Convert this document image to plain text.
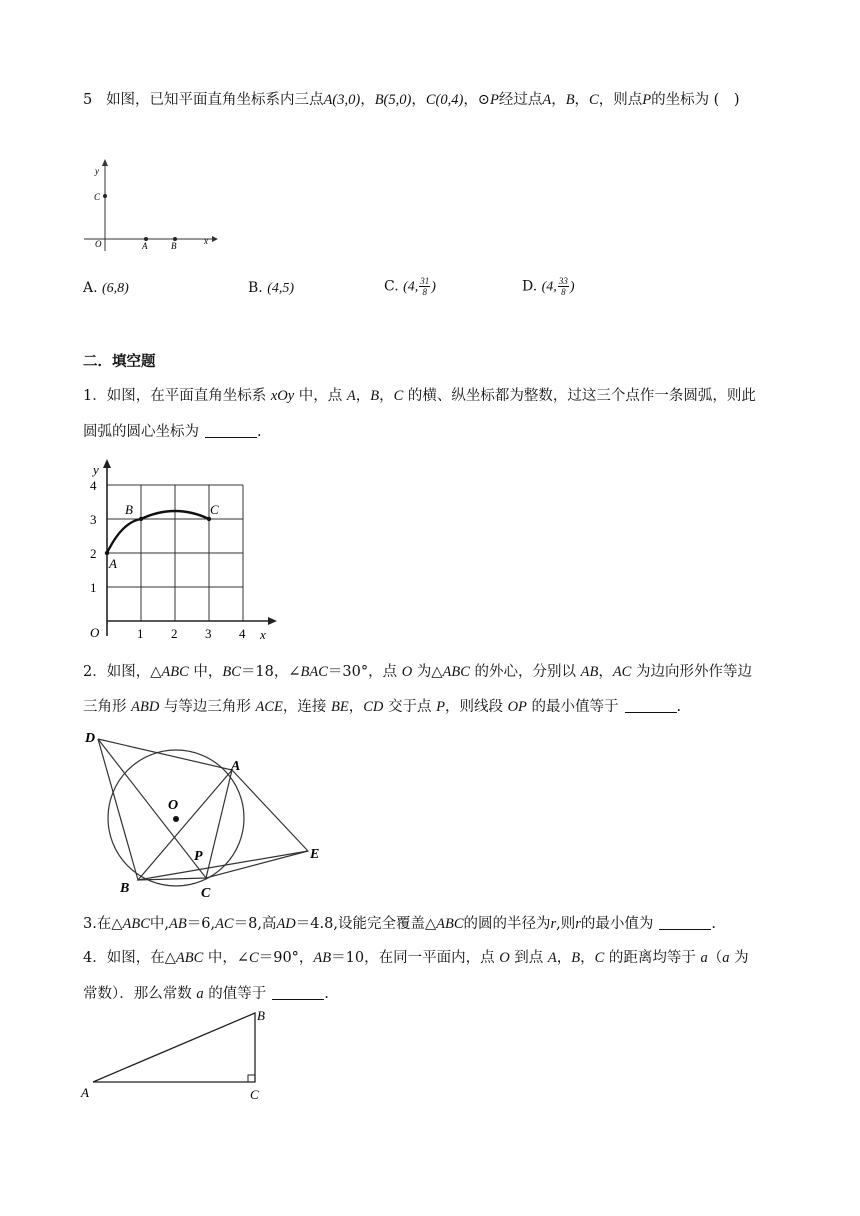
5 如图，已知平面直角坐标系内三点A(3,0)，B(5,0)，C(0,4)，⊙P经过点A，B，C，则点P的坐标为 (　)
y
C
O	A	B	x
A. (6,8)	B. (4,5)	C. (4, $\frac{31}{8}$ )	D. (4, $\frac{33}{8}$ )
二．填空题
1．如图，在平面直角坐标系 xOy 中，点 A，B，C 的横、纵坐标都为整数，过这三个点作一条圆弧，则此
圆弧的圆心坐标为	.
y
4
3
2
1
O	1 2 3 4 x
A
B	C
2．如图，△ABC 中，BC＝18，∠BAC＝30°，点 O 为△ABC 的外心，分别以 AB，AC 为边向形外作等边
三角形 ABD 与等边三角形 ACE，连接 BE，CD 交于点 P，则线段 OP 的最小值等于	.
D
A
O
P	E
B	C
3.在△ABC中,AB＝6,AC＝8,高AD＝4.8,设能完全覆盖△ABC的圆的半径为r,则r的最小值为	.
4．如图，在△ABC 中，∠C＝90°，AB＝10，在同一平面内，点 O 到点 A，B，C 的距离均等于 a（a 为
常数）．那么常数 a 的值等于	.
A
B
C
